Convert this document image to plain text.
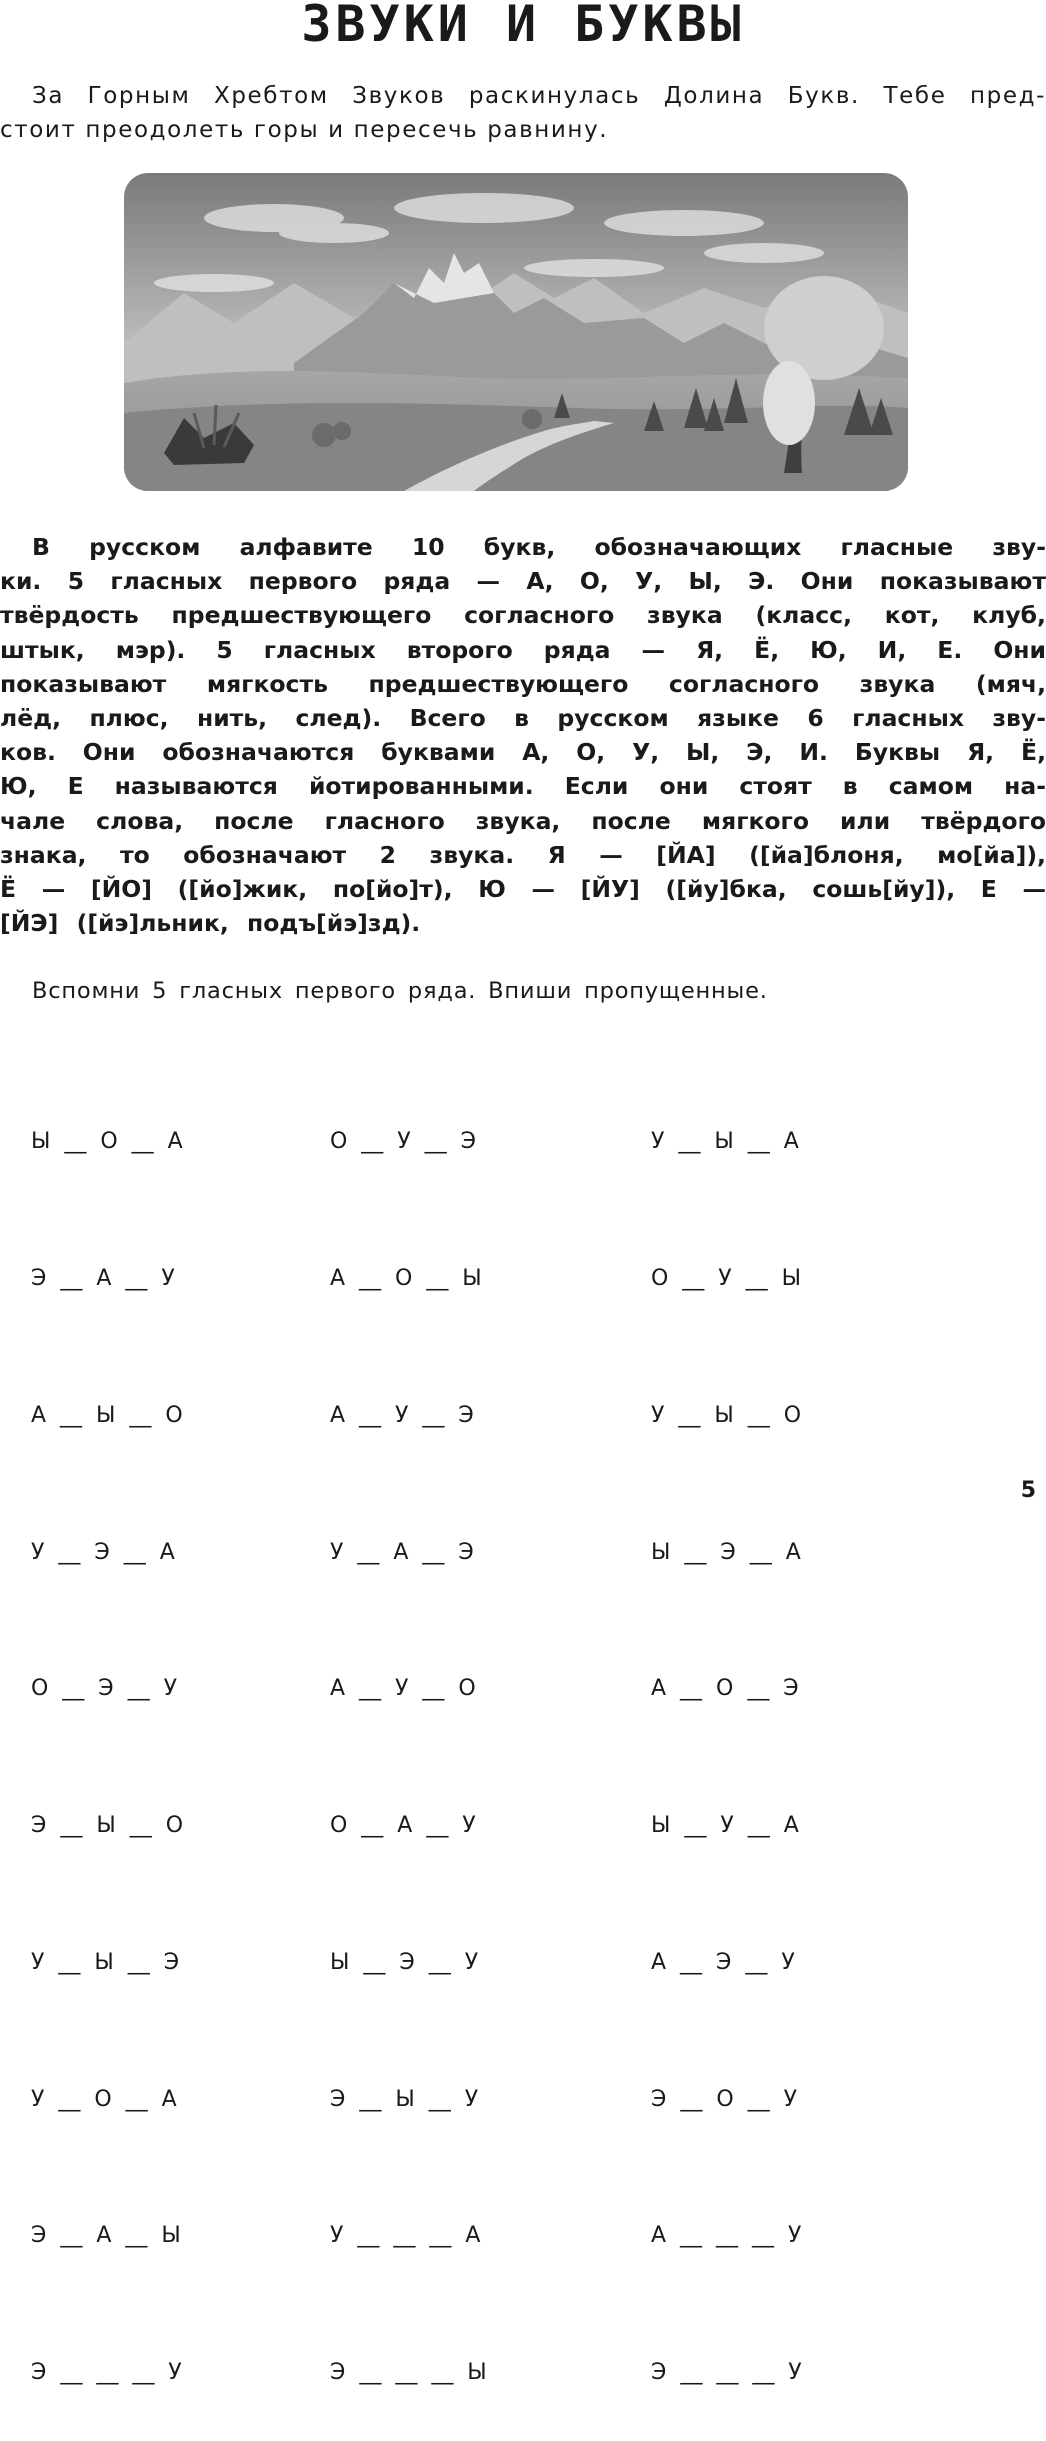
ЗВУКИ И БУКВЫ
За Горным Хребтом Звуков раскинулась Долина Букв. Тебе пред-
стоит преодолеть горы и пересечь равнину.
В русском алфавите 10 букв, обозначающих гласные зву-
ки. 5 гласных первого ряда — А, О, У, Ы, Э. Они показывают
твёрдость предшествующего согласного звука (класс, кот, клуб,
штык, мэр). 5 гласных второго ряда — Я, Ё, Ю, И, Е. Они
показывают мягкость предшествующего согласного звука (мяч,
лёд, плюс, нить, след). Всего в русском языке 6 гласных зву-
ков. Они обозначаются буквами А, О, У, Ы, Э, И. Буквы Я, Ё,
Ю, Е называются йотированными. Если они стоят в самом на-
чале слова, после гласного звука, после мягкого или твёрдого
знака, то обозначают 2 звука. Я — [ЙА] ([йа]блоня, мо[йа]),
Ё — [ЙО] ([йо]жик, по[йо]т), Ю — [ЙУ] ([йу]бка, сошь[йу]), Е —
[ЙЭ] ([йэ]льник, подъ[йэ]зд).
Вспомни 5 гласных первого ряда. Впиши пропущенные.

Ы  __  О  __  А

Э  __  А  __  У

А  __  Ы  __  О

У  __  Э  __  А

О  __  Э  __  У

Э  __  Ы  __  О

У  __  Ы  __  Э

У  __  О  __  А

Э  __  А  __  Ы

Э  __  __  __  У

О  __  У  __  Э

А  __  О  __  Ы

А  __  У  __  Э

У  __  А  __  Э

А  __  У  __  О

О  __  А  __  У

Ы  __  Э  __  У

Э  __  Ы  __  У

У  __  __  __  А

Э  __  __  __  Ы

У  __  Ы  __  А

О  __  У  __  Ы

У  __  Ы  __  О

Ы  __  Э  __  А

А  __  О  __  Э

Ы  __  У  __  А

А  __  Э  __  У

Э  __  О  __  У

А  __  __  __  У

Э  __  __  __  У

5
